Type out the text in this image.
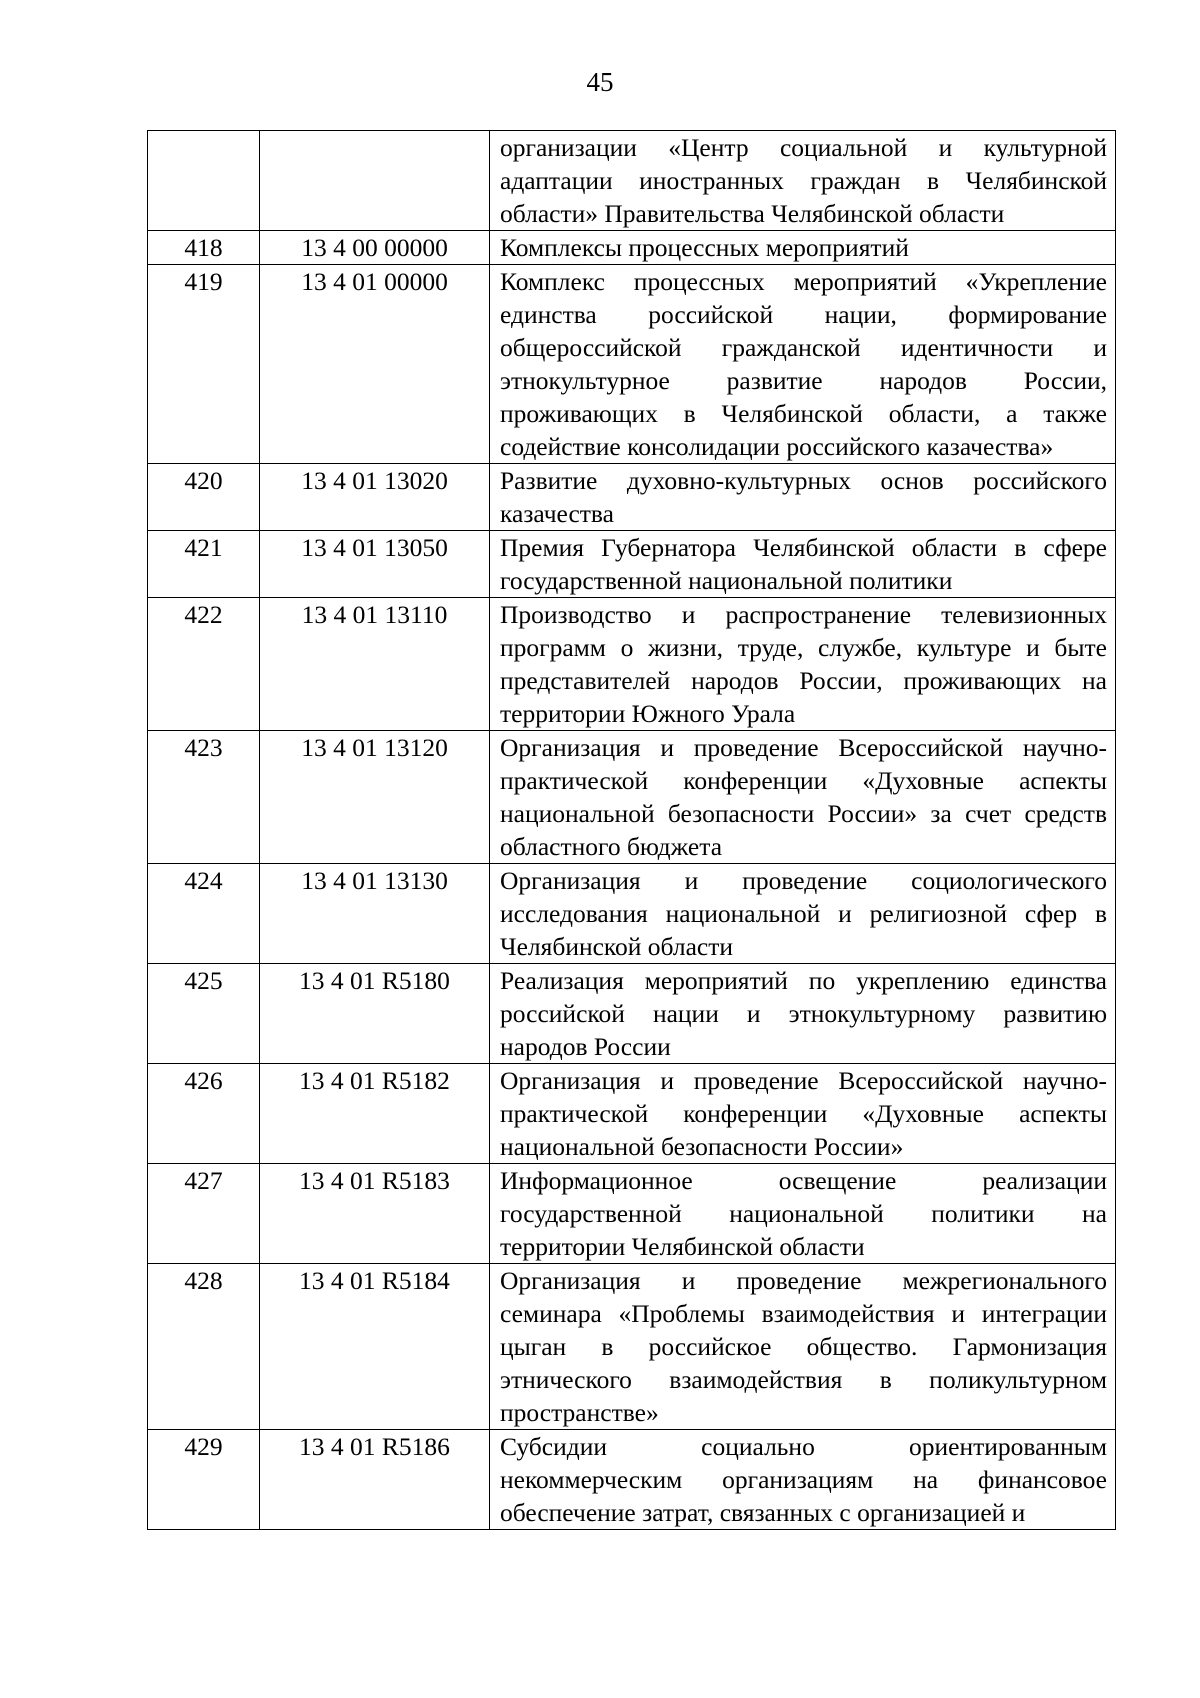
45
		организации «Центр социальной и культурной адаптации иностранных граждан в Челябинской области» Правительства Челябинской области
418	13 4 00 00000	Комплексы процессных мероприятий
419	13 4 01 00000	Комплекс процессных мероприятий «Укрепление единства российской нации, формирование общероссийской гражданской идентичности и этнокультурное развитие народов России, проживающих в Челябинской области, а также содействие консолидации российского казачества»
420	13 4 01 13020	Развитие духовно-культурных основ российского казачества
421	13 4 01 13050	Премия Губернатора Челябинской области в сфере государственной национальной политики
422	13 4 01 13110	Производство и распространение телевизионных программ о жизни, труде, службе, культуре и быте представителей народов России, проживающих на территории Южного Урала
423	13 4 01 13120	Организация и проведение Всероссийской научно-практической конференции «Духовные аспекты национальной безопасности России» за счет средств областного бюджета
424	13 4 01 13130	Организация и проведение социологического исследования национальной и религиозной сфер в Челябинской области
425	13 4 01 R5180	Реализация мероприятий по укреплению единства российской нации и этнокультурному развитию народов России
426	13 4 01 R5182	Организация и проведение Всероссийской научно-практической конференции «Духовные аспекты национальной безопасности России»
427	13 4 01 R5183	Информационное освещение реализации государственной национальной политики на территории Челябинской области
428	13 4 01 R5184	Организация и проведение межрегионального семинара «Проблемы взаимодействия и интеграции цыган в российское общество. Гармонизация этнического взаимодействия в поликультурном пространстве»
429	13 4 01 R5186	Субсидии социально ориентированным некоммерческим организациям на финансовое обеспечение затрат, связанных с организацией и
